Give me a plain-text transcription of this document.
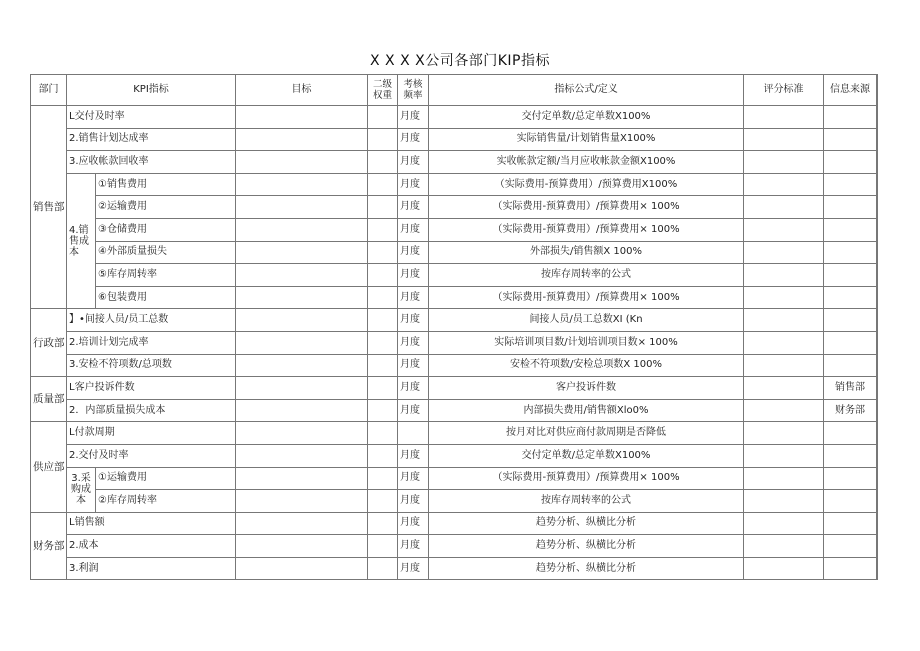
X X X X公司各部门KIP指标
部门	KPI指标		目标	二级权重	考核频率	指标公式/定义	评分标准	信息来源	
销售部	L交付及时率				月度	交付定单数/总定单数X100%			
	2.销售计划达成率				月度	实际销售量/计划销售量X100%			
	3.应收帐款回收率				月度	实收帐款定额/当月应收帐款金额X100%			
	4.销售成本	①销售费用			月度	（实际费用-预算费用）/预算费用X100%			
		②运输费用			月度	（实际费用-预算费用）/预算费用× 100%			
		③仓储费用			月度	（实际费用-预算费用）/预算费用× 100%			
		④外部质量损失			月度	外部损失/销售额X 100%			
		⑤库存周转率			月度	按库存周转率的公式			
		⑥包装费用			月度	（实际费用-预算费用）/预算费用× 100%			
行政部	】•间接人员/员工总数				月度	间接人员/员工总数XI (Kn			
	2.培训计划完成率				月度	实际培训项目数/计划培训项目数× 100%			
	3.安检不符项数/总项数				月度	安检不符项数/安检总项数X 100%			
质量部	L客户投诉件数				月度	客户投诉件数		销售部	
	2．内部质量损失成本				月度	内部损失费用/销售额Xlo0%		财务部	
供应部	L付款周期					按月对比对供应商付款周期是否降低			
	2.交付及时率				月度	交付定单数/总定单数X100%			
	3.采购成本	①运输费用			月度	（实际费用-预算费用）/预算费用× 100%			
		②库存周转率			月度	按库存周转率的公式			
财务部	L销售额				月度	趋势分析、纵横比分析			
	2.成本				月度	趋势分析、纵横比分析			
	3.利润				月度	趋势分析、纵横比分析			
